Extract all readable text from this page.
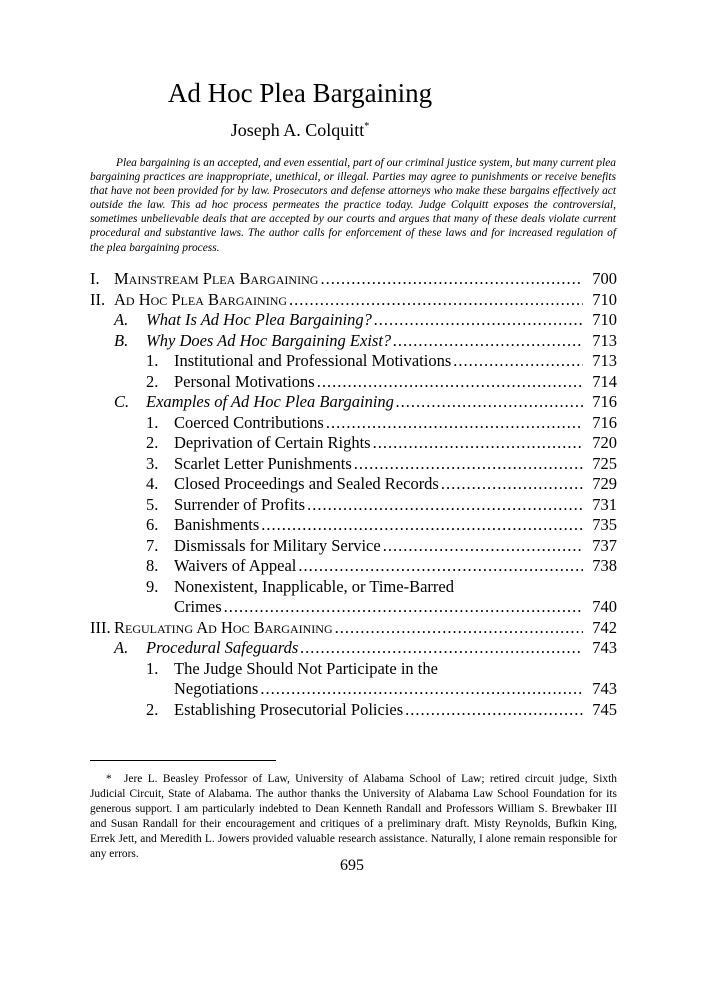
Ad Hoc Plea Bargaining
Joseph A. Colquitt*
Plea bargaining is an accepted, and even essential, part of our criminal justice system, but many current plea bargaining practices are inappropriate, unethical, or illegal. Parties may agree to punishments or receive benefits that have not been provided for by law. Prosecutors and defense attorneys who make these bargains effectively act outside the law. This ad hoc process permeates the practice today. Judge Colquitt exposes the controversial, sometimes unbelievable deals that are accepted by our courts and argues that many of these deals violate current procedural and substantive laws. The author calls for enforcement of these laws and for increased regulation of the plea bargaining process.
I. Mainstream Plea Bargaining .....	700
II. Ad Hoc Plea Bargaining .....	710
A. What Is Ad Hoc Plea Bargaining? .....	710
B. Why Does Ad Hoc Bargaining Exist? .....	713
1. Institutional and Professional Motivations .....	713
2. Personal Motivations .....	714
C. Examples of Ad Hoc Plea Bargaining .....	716
1. Coerced Contributions .....	716
2. Deprivation of Certain Rights .....	720
3. Scarlet Letter Punishments .....	725
4. Closed Proceedings and Sealed Records .....	729
5. Surrender of Profits .....	731
6. Banishments .....	735
7. Dismissals for Military Service .....	737
8. Waivers of Appeal .....	738
9. Nonexistent, Inapplicable, or Time-Barred
Crimes .....	740
III. Regulating Ad Hoc Bargaining .....	742
A. Procedural Safeguards .....	743
1. The Judge Should Not Participate in the
Negotiations .....	743
2. Establishing Prosecutorial Policies .....	745
* Jere L. Beasley Professor of Law, University of Alabama School of Law; retired circuit judge, Sixth Judicial Circuit, State of Alabama. The author thanks the University of Alabama Law School Foundation for its generous support. I am particularly indebted to Dean Kenneth Randall and Professors William S. Brewbaker III and Susan Randall for their encouragement and critiques of a preliminary draft. Misty Reynolds, Bufkin King, Errek Jett, and Meredith L. Jowers provided valuable research assistance. Naturally, I alone remain responsible for any errors.
695
